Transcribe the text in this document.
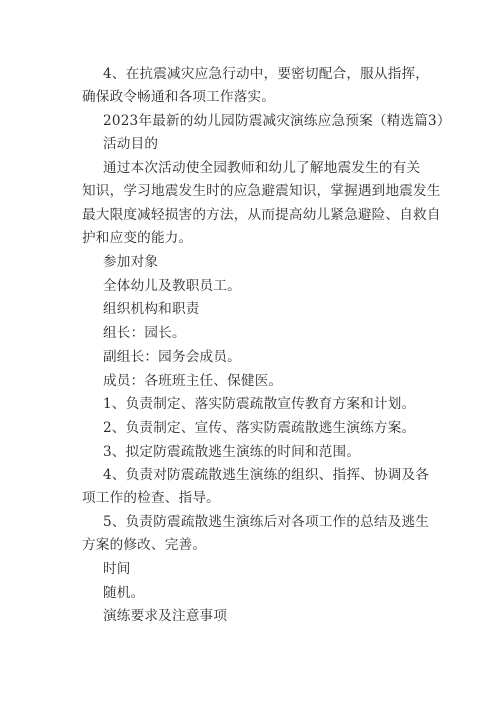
4、在抗震减灾应急行动中，要密切配合，服从指挥，
确保政令畅通和各项工作落实。
2023年最新的幼儿园防震减灾演练应急预案（精选篇3）
活动目的
通过本次活动使全园教师和幼儿了解地震发生的有关
知识，学习地震发生时的应急避震知识，掌握遇到地震发生
最大限度减轻损害的方法，从而提高幼儿紧急避险、自救自
护和应变的能力。
参加对象
全体幼儿及教职员工。
组织机构和职责
组长：园长。
副组长：园务会成员。
成员：各班班主任、保健医。
1、负责制定、落实防震疏散宣传教育方案和计划。
2、负责制定、宣传、落实防震疏散逃生演练方案。
3、拟定防震疏散逃生演练的时间和范围。
4、负责对防震疏散逃生演练的组织、指挥、协调及各
项工作的检查、指导。
5、负责防震疏散逃生演练后对各项工作的总结及逃生
方案的修改、完善。
时间
随机。
演练要求及注意事项
